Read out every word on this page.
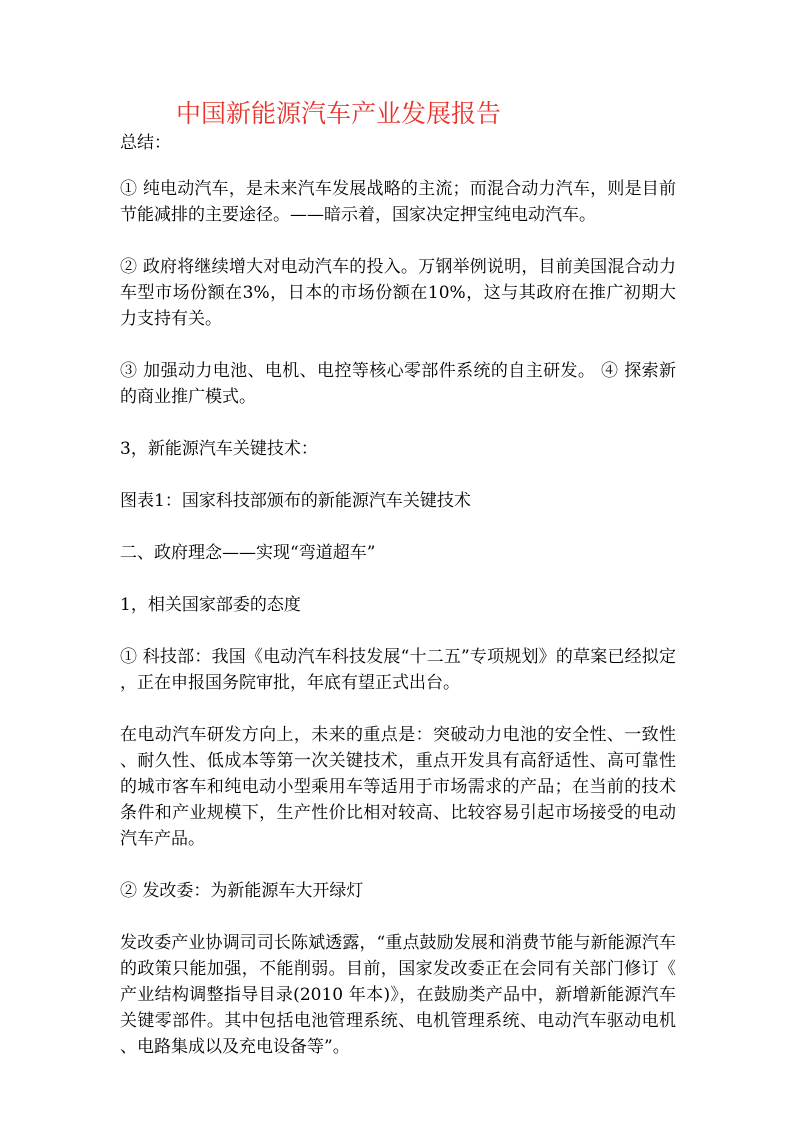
中国新能源汽车产业发展报告

总结：

① 纯电动汽车，是未来汽车发展战略的主流；而混合动力汽车，则是目前节能减排的主要途径。——暗示着，国家决定押宝纯电动汽车。

② 政府将继续增大对电动汽车的投入。万钢举例说明，目前美国混合动力车型市场份额在3%，日本的市场份额在10%，这与其政府在推广初期大力支持有关。

③ 加强动力电池、电机、电控等核心零部件系统的自主研发。 ④ 探索新的商业推广模式。

3，新能源汽车关键技术：

图表1：国家科技部颁布的新能源汽车关键技术

二、政府理念——实现“弯道超车”

1，相关国家部委的态度

① 科技部：我国《电动汽车科技发展“十二五”专项规划》的草案已经拟定，正在申报国务院审批，年底有望正式出台。

在电动汽车研发方向上，未来的重点是：突破动力电池的安全性、一致性、耐久性、低成本等第一次关键技术，重点开发具有高舒适性、高可靠性的城市客车和纯电动小型乘用车等适用于市场需求的产品；在当前的技术条件和产业规模下，生产性价比相对较高、比较容易引起市场接受的电动汽车产品。

② 发改委：为新能源车大开绿灯

发改委产业协调司司长陈斌透露，“重点鼓励发展和消费节能与新能源汽车的政策只能加强，不能削弱。目前，国家发改委正在会同有关部门修订《产业结构调整指导目录(2010 年本)》，在鼓励类产品中，新增新能源汽车关键零部件。其中包括电池管理系统、电机管理系统、电动汽车驱动电机、电路集成以及充电设备等”。
